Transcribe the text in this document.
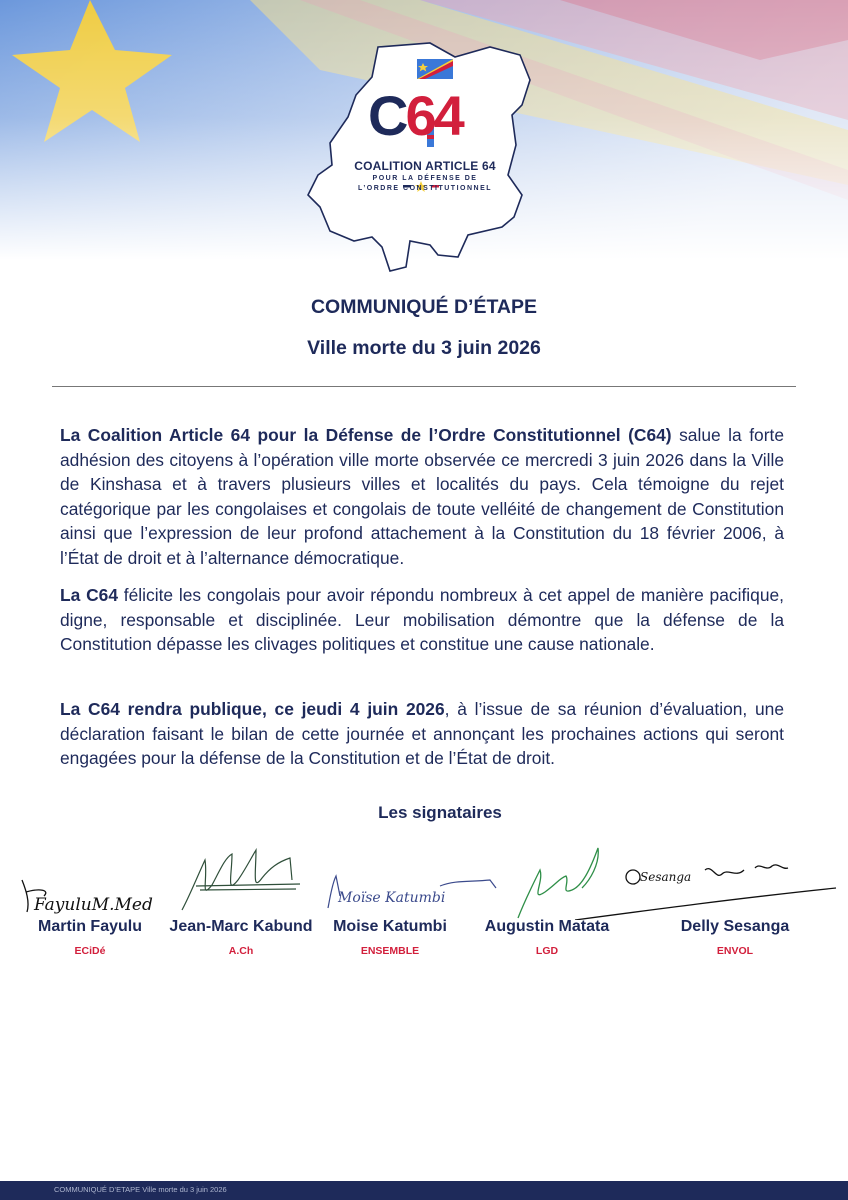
C64
COALITION ARTICLE 64
POUR LA DÉFENSE DE
L’ORDRE CONSTITUTIONNEL
COMMUNIQUÉ D’ÉTAPE
Ville morte du 3 juin 2026
La Coalition Article 64 pour la Défense de l’Ordre Constitutionnel (C64) salue la forte adhésion des citoyens à l’opération ville morte observée ce mercredi 3 juin 2026 dans la Ville de Kinshasa et à travers plusieurs villes et localités du pays. Cela témoigne du rejet catégorique par les congolaises et congolais de toute velléité de changement de Constitution ainsi que l’expression de leur profond attachement à la Constitution du 18 février 2006, à l’État de droit et à l’alternance démocratique.
La C64 félicite les congolais pour avoir répondu nombreux à cet appel de manière pacifique, digne, responsable et disciplinée. Leur mobilisation démontre que la défense de la Constitution dépasse les clivages politiques et constitue une cause nationale.
La C64 rendra publique, ce jeudi 4 juin 2026, à l’issue de sa réunion d’évaluation, une déclaration faisant le bilan de cette journée et annonçant les prochaines actions qui seront engagées pour la défense de la Constitution et de l’État de droit.
Les signataires
FayuluM.Med	Moïse Katumbi
Sesanga
Martin Fayulu
ECiDé
Jean-Marc Kabund
A.Ch
Moise Katumbi
ENSEMBLE
Augustin Matata
LGD
Delly Sesanga
ENVOL
COMMUNIQUÉ D’ETAPE Ville morte du 3 juin 2026
